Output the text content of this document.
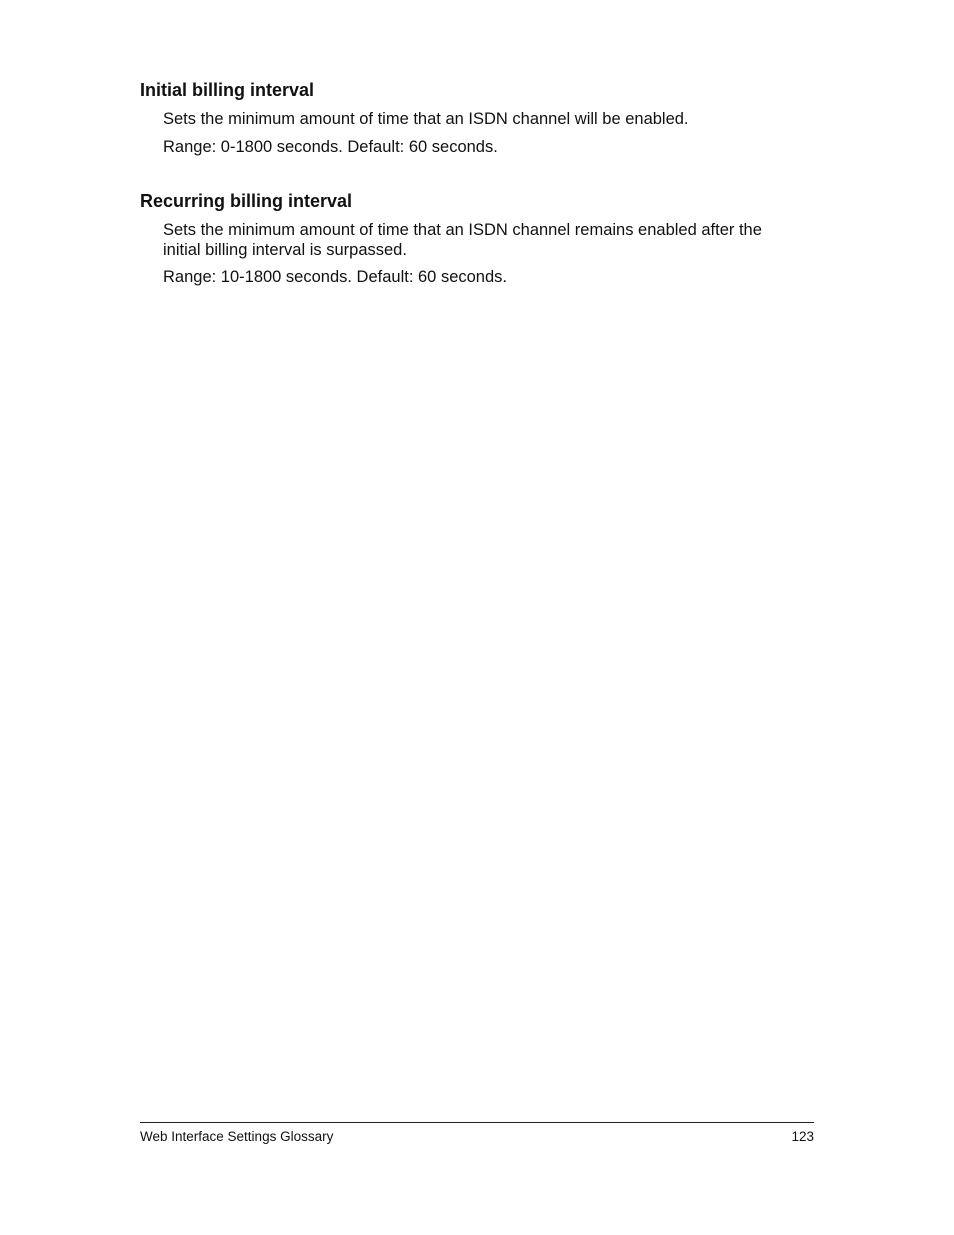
Initial billing interval

Sets the minimum amount of time that an ISDN channel will be enabled.

Range: 0-1800 seconds. Default: 60 seconds.

Recurring billing interval

Sets the minimum amount of time that an ISDN channel remains enabled after the initial billing interval is surpassed.

Range: 10-1800 seconds. Default: 60 seconds.

Web Interface Settings Glossary	123
